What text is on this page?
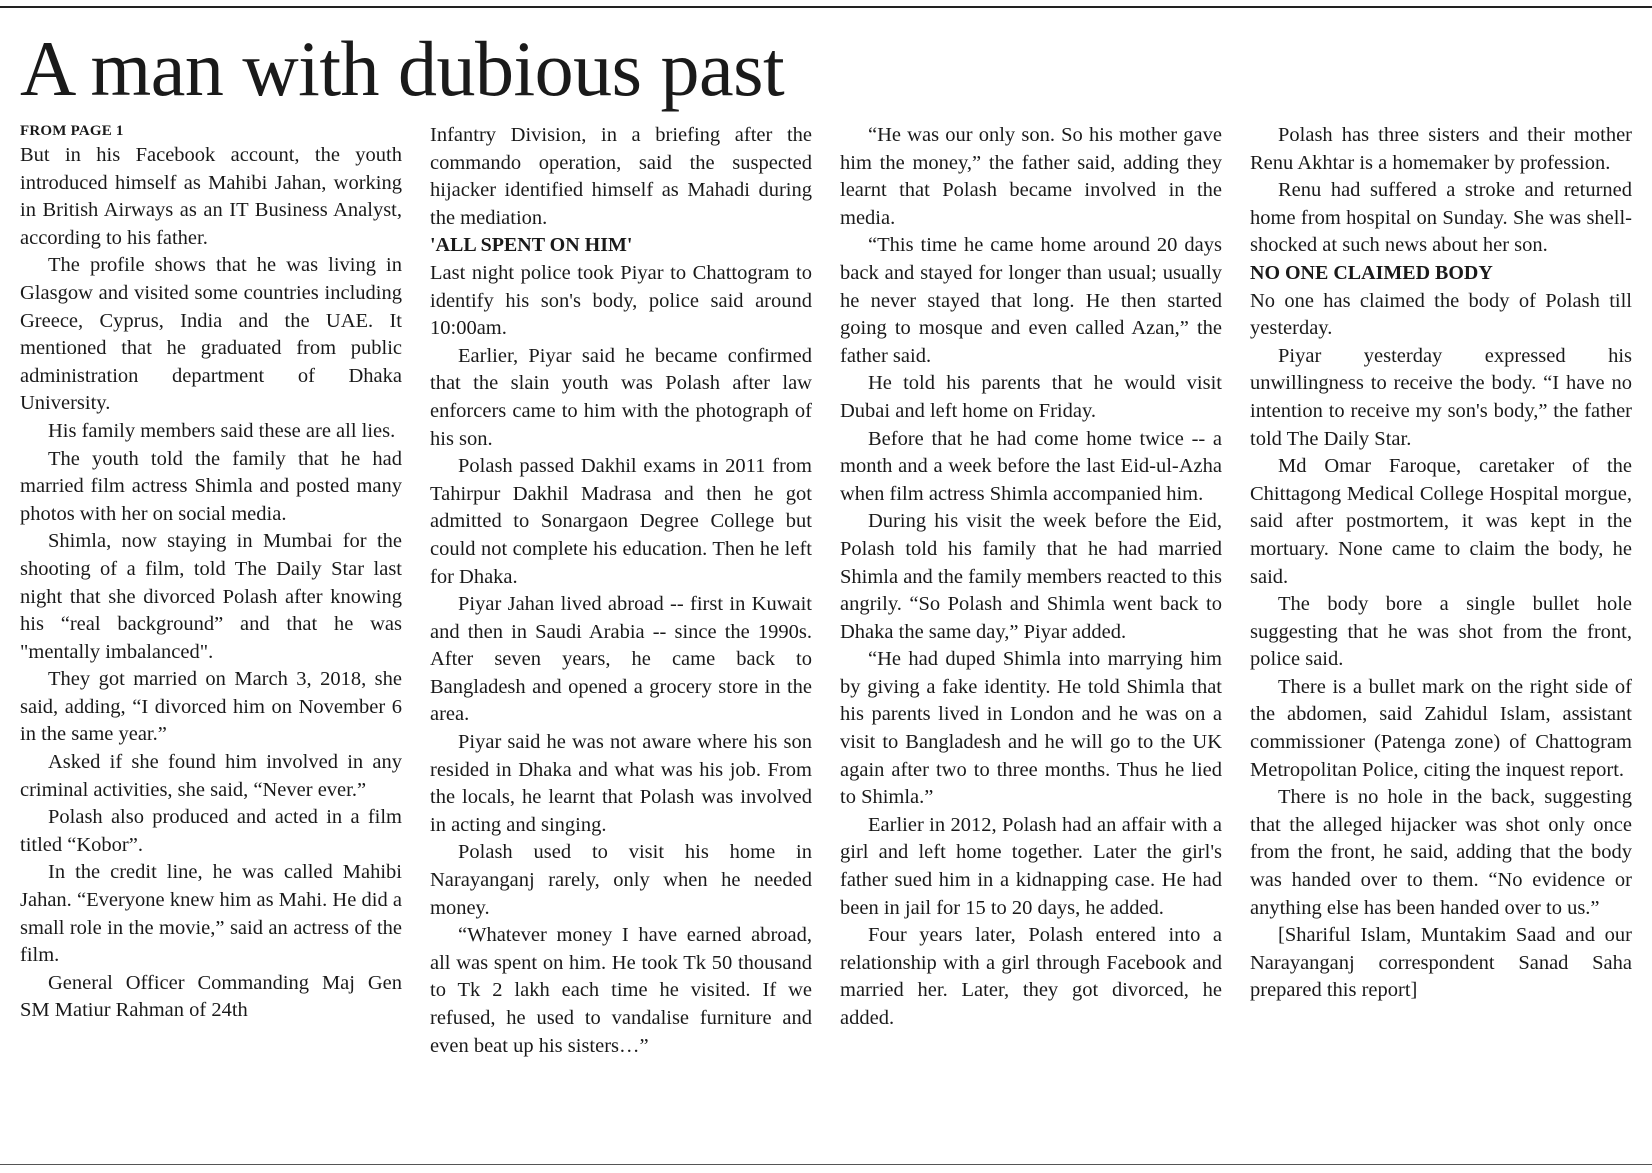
A man with dubious past
FROM PAGE 1

But in his Facebook account, the youth introduced himself as Mahibi Jahan, working in British Airways as an IT Business Analyst, according to his father.

The profile shows that he was living in Glasgow and visited some countries including Greece, Cyprus, India and the UAE. It mentioned that he graduated from public administration department of Dhaka University.

His family members said these are all lies.

The youth told the family that he had married film actress Shimla and posted many photos with her on social media.

Shimla, now staying in Mumbai for the shooting of a film, told The Daily Star last night that she divorced Polash after knowing his “real background” and that he was "mentally imbalanced".

They got married on March 3, 2018, she said, adding, “I divorced him on November 6 in the same year.”

Asked if she found him involved in any criminal activities, she said, “Never ever.”

Polash also produced and acted in a film titled “Kobor”.

In the credit line, he was called Mahibi Jahan. “Everyone knew him as Mahi. He did a small role in the movie,” said an actress of the film.

General Officer Commanding Maj Gen SM Matiur Rahman of 24th

Infantry Division, in a briefing after the commando operation, said the suspected hijacker identified himself as Mahadi during the mediation.

'ALL SPENT ON HIM'

Last night police took Piyar to Chattogram to identify his son's body, police said around 10:00am.

Earlier, Piyar said he became confirmed that the slain youth was Polash after law enforcers came to him with the photograph of his son.

Polash passed Dakhil exams in 2011 from Tahirpur Dakhil Madrasa and then he got admitted to Sonargaon Degree College but could not complete his education. Then he left for Dhaka.

Piyar Jahan lived abroad -- first in Kuwait and then in Saudi Arabia -- since the 1990s. After seven years, he came back to Bangladesh and opened a grocery store in the area.

Piyar said he was not aware where his son resided in Dhaka and what was his job. From the locals, he learnt that Polash was involved in acting and singing.

Polash used to visit his home in Narayanganj rarely, only when he needed money.

“Whatever money I have earned abroad, all was spent on him. He took Tk 50 thousand to Tk 2 lakh each time he visited. If we refused, he used to vandalise furniture and even beat up his sisters…”

“He was our only son. So his mother gave him the money,” the father said, adding they learnt that Polash became involved in the media.

“This time he came home around 20 days back and stayed for longer than usual; usually he never stayed that long. He then started going to mosque and even called Azan,” the father said.

He told his parents that he would visit Dubai and left home on Friday.

Before that he had come home twice -- a month and a week before the last Eid-ul-Azha when film actress Shimla accompanied him.

During his visit the week before the Eid, Polash told his family that he had married Shimla and the family members reacted to this angrily. “So Polash and Shimla went back to Dhaka the same day,” Piyar added.

“He had duped Shimla into marrying him by giving a fake identity. He told Shimla that his parents lived in London and he was on a visit to Bangladesh and he will go to the UK again after two to three months. Thus he lied to Shimla.”

Earlier in 2012, Polash had an affair with a girl and left home together. Later the girl's father sued him in a kidnapping case. He had been in jail for 15 to 20 days, he added.

Four years later, Polash entered into a relationship with a girl through Facebook and married her. Later, they got divorced, he added.

Polash has three sisters and their mother Renu Akhtar is a homemaker by profession.

Renu had suffered a stroke and returned home from hospital on Sunday. She was shell-shocked at such news about her son.

NO ONE CLAIMED BODY

No one has claimed the body of Polash till yesterday.

Piyar yesterday expressed his unwillingness to receive the body. “I have no intention to receive my son's body,” the father told The Daily Star.

Md Omar Faroque, caretaker of the Chittagong Medical College Hospital morgue, said after postmortem, it was kept in the mortuary. None came to claim the body, he said.

The body bore a single bullet hole suggesting that he was shot from the front, police said.

There is a bullet mark on the right side of the abdomen, said Zahidul Islam, assistant commissioner (Patenga zone) of Chattogram Metropolitan Police, citing the inquest report.

There is no hole in the back, suggesting that the alleged hijacker was shot only once from the front, he said, adding that the body was handed over to them. “No evidence or anything else has been handed over to us.”

[Shariful Islam, Muntakim Saad and our Narayanganj correspondent Sanad Saha prepared this report]
